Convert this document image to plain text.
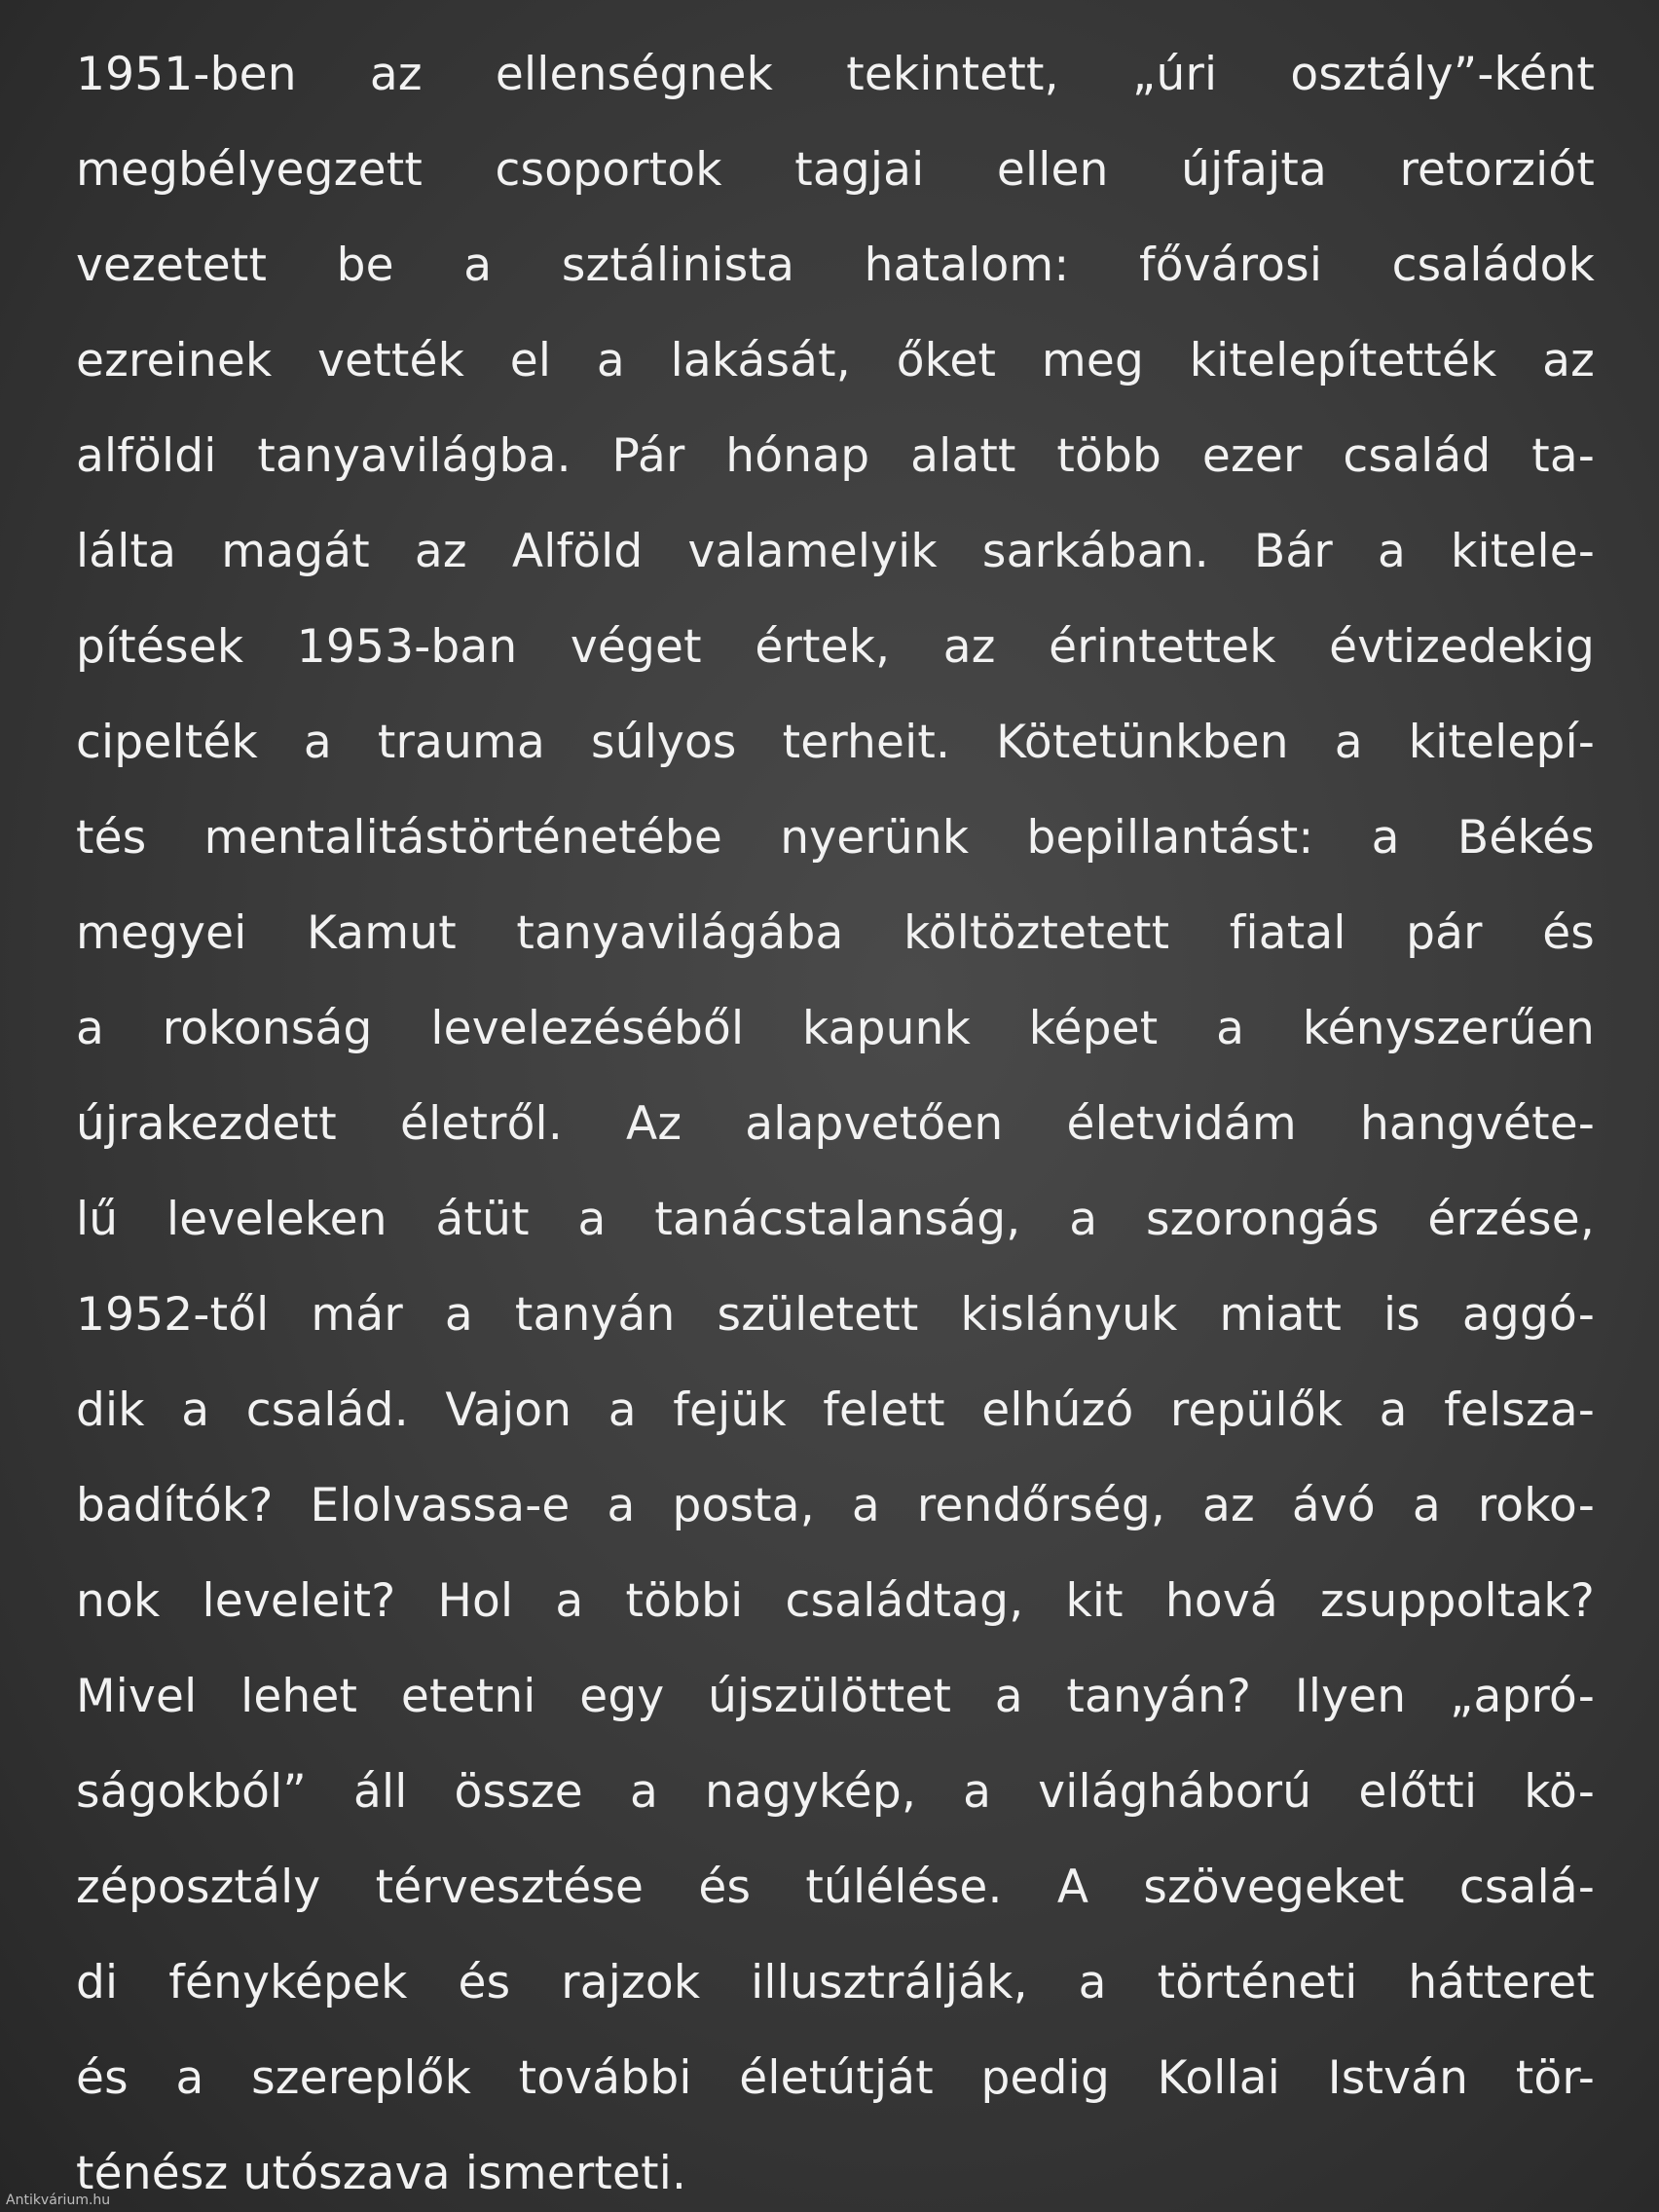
1951-ben az ellenségnek tekintett, „úri osztály”-ként
megbélyegzett csoportok tagjai ellen újfajta retorziót
vezetett be a sztálinista hatalom: fővárosi családok
ezreinek vették el a lakását, őket meg kitelepítették az
alföldi tanyavilágba. Pár hónap alatt több ezer család ta-
lálta magát az Alföld valamelyik sarkában. Bár a kitele-
pítések 1953-ban véget értek, az érintettek évtizedekig
cipelték a trauma súlyos terheit. Kötetünkben a kitelepí-
tés mentalitástörténetébe nyerünk bepillantást: a Békés
megyei Kamut tanyavilágába költöztetett fiatal pár és
a rokonság levelezéséből kapunk képet a kényszerűen
újrakezdett életről. Az alapvetően életvidám hangvéte-
lű leveleken átüt a tanácstalanság, a szorongás érzése,
1952-től már a tanyán született kislányuk miatt is aggó-
dik a család. Vajon a fejük felett elhúzó repülők a felsza-
badítók? Elolvassa-e a posta, a rendőrség, az ávó a roko-
nok leveleit? Hol a többi családtag, kit hová zsuppoltak?
Mivel lehet etetni egy újszülöttet a tanyán? Ilyen „apró-
ságokból” áll össze a nagykép, a világháború előtti kö-
zéposztály térvesztése és túlélése. A szövegeket csalá-
di fényképek és rajzok illusztrálják, a történeti hátteret
és a szereplők további életútját pedig Kollai István tör-
ténész utószava ismerteti.
Antikvárium.hu
